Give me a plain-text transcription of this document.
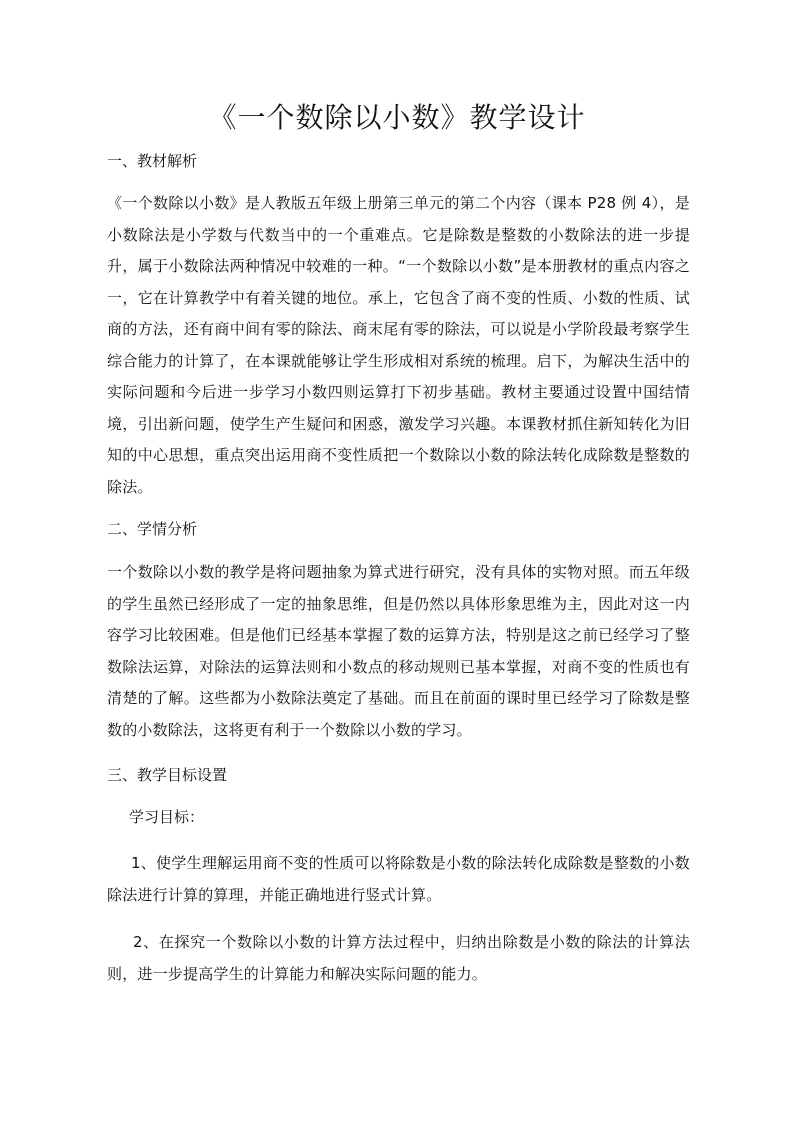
《一个数除以小数》教学设计
一、教材解析

《一个数除以小数》是人教版五年级上册第三单元的第二个内容（课本 P28 例 4），是小数除法是小学数与代数当中的一个重难点。它是除数是整数的小数除法的进一步提升，属于小数除法两种情况中较难的一种。“一个数除以小数”是本册教材的重点内容之一，它在计算教学中有着关键的地位。承上，它包含了商不变的性质、小数的性质、试商的方法，还有商中间有零的除法、商末尾有零的除法，可以说是小学阶段最考察学生综合能力的计算了，在本课就能够让学生形成相对系统的梳理。启下，为解决生活中的实际问题和今后进一步学习小数四则运算打下初步基础。教材主要通过设置中国结情境，引出新问题，使学生产生疑问和困惑，激发学习兴趣。本课教材抓住新知转化为旧知的中心思想，重点突出运用商不变性质把一个数除以小数的除法转化成除数是整数的除法。

二、学情分析

一个数除以小数的教学是将问题抽象为算式进行研究，没有具体的实物对照。而五年级的学生虽然已经形成了一定的抽象思维，但是仍然以具体形象思维为主，因此对这一内容学习比较困难。但是他们已经基本掌握了数的运算方法，特别是这之前已经学习了整数除法运算，对除法的运算法则和小数点的移动规则已基本掌握，对商不变的性质也有清楚的了解。这些都为小数除法奠定了基础。而且在前面的课时里已经学习了除数是整数的小数除法，这将更有利于一个数除以小数的学习。

三、教学目标设置

学习目标：

1、使学生理解运用商不变的性质可以将除数是小数的除法转化成除数是整数的小数除法进行计算的算理，并能正确地进行竖式计算。

2、在探究一个数除以小数的计算方法过程中，归纳出除数是小数的除法的计算法则，进一步提高学生的计算能力和解决实际问题的能力。
